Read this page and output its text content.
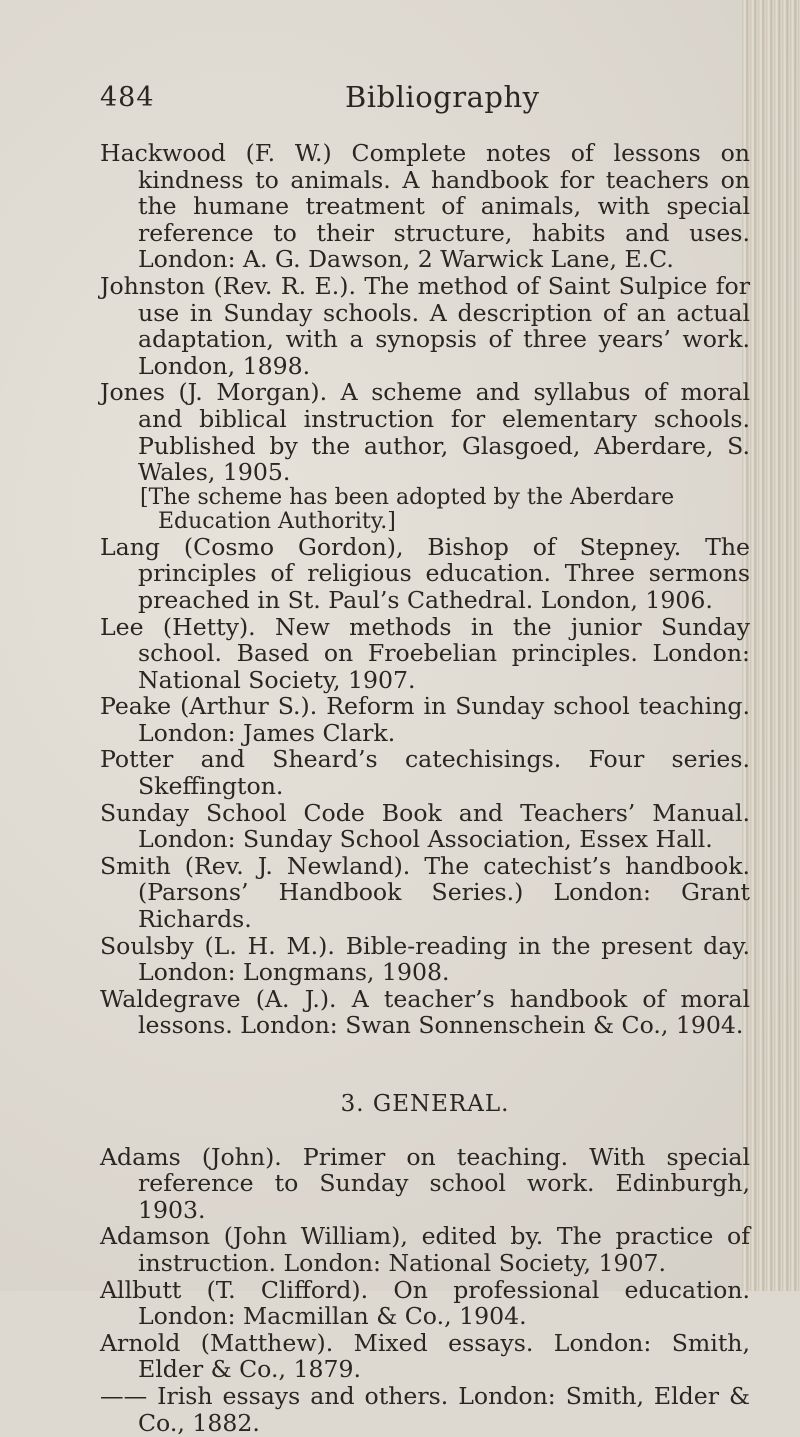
484	Bibliography

Hackwood (F. W.) Complete notes of lessons on kindness to animals. A handbook for teachers on the humane treatment of animals, with special reference to their structure, habits and uses. London: A. G. Dawson, 2 Warwick Lane, E.C.

Johnston (Rev. R. E.). The method of Saint Sulpice for use in Sunday schools. A description of an actual adaptation, with a synopsis of three years’ work. London, 1898.

Jones (J. Morgan). A scheme and syllabus of moral and biblical instruction for elementary schools. Published by the author, Glasgoed, Aberdare, S. Wales, 1905.

[The scheme has been adopted by the Aberdare Education Authority.]

Lang (Cosmo Gordon), Bishop of Stepney. The principles of religious education. Three sermons preached in St. Paul’s Cathedral. London, 1906.

Lee (Hetty). New methods in the junior Sunday school. Based on Froebelian principles. London: National Society, 1907.

Peake (Arthur S.). Reform in Sunday school teaching. London: James Clark.

Potter and Sheard’s catechisings. Four series. Skeffington.

Sunday School Code Book and Teachers’ Manual. London: Sunday School Association, Essex Hall.

Smith (Rev. J. Newland). The catechist’s handbook. (Parsons’ Handbook Series.) London: Grant Richards.

Soulsby (L. H. M.). Bible-reading in the present day. London: Longmans, 1908.

Waldegrave (A. J.). A teacher’s handbook of moral lessons. London: Swan Sonnenschein & Co., 1904.

3. GENERAL.

Adams (John). Primer on teaching. With special reference to Sunday school work. Edinburgh, 1903.

Adamson (John William), edited by. The practice of instruction. London: National Society, 1907.

Allbutt (T. Clifford). On professional education. London: Macmillan & Co., 1904.

Arnold (Matthew). Mixed essays. London: Smith, Elder & Co., 1879.

—— Irish essays and others. London: Smith, Elder & Co., 1882.
